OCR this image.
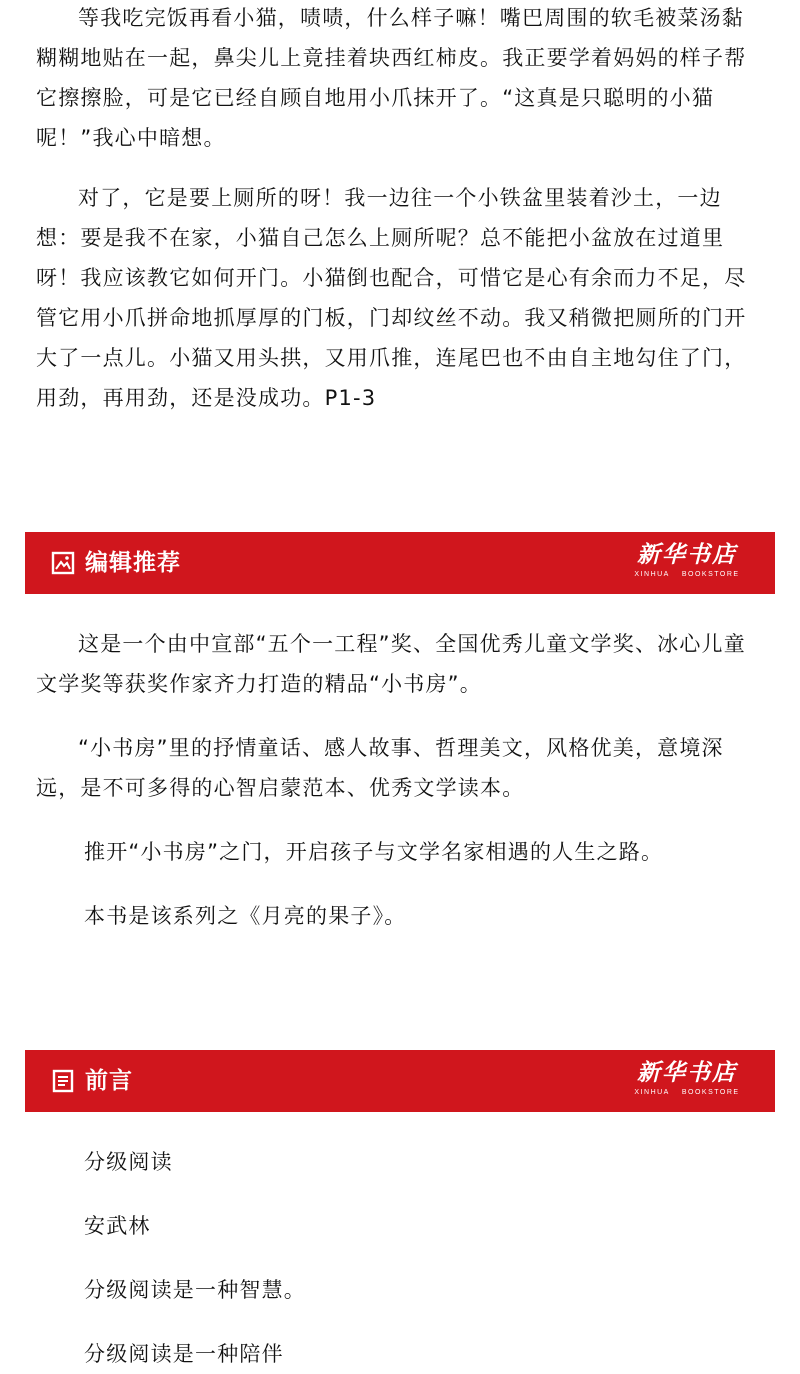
等我吃完饭再看小猫，啧啧，什么样子嘛！嘴巴周围的软毛被菜汤黏糊糊地贴在一起，鼻尖儿上竟挂着块西红柿皮。我正要学着妈妈的样子帮它擦擦脸，可是它已经自顾自地用小爪抹开了。“这真是只聪明的小猫呢！”我心中暗想。

对了，它是要上厕所的呀！我一边往一个小铁盆里装着沙土，一边想：要是我不在家，小猫自己怎么上厕所呢？总不能把小盆放在过道里呀！我应该教它如何开门。小猫倒也配合，可惜它是心有余而力不足，尽管它用小爪拼命地抓厚厚的门板，门却纹丝不动。我又稍微把厕所的门开大了一点儿。小猫又用头拱，又用爪推，连尾巴也不由自主地勾住了门，用劲，再用劲，还是没成功。P1-3

编辑推荐	新华书店
XINHUA BOOKSTORE

这是一个由中宣部“五个一工程”奖、全国优秀儿童文学奖、冰心儿童文学奖等获奖作家齐力打造的精品“小书房”。

“小书房”里的抒情童话、感人故事、哲理美文，风格优美，意境深远，是不可多得的心智启蒙范本、优秀文学读本。

推开“小书房”之门，开启孩子与文学名家相遇的人生之路。

本书是该系列之《月亮的果子》。

前言	新华书店
XINHUA BOOKSTORE

分级阅读

安武林

分级阅读是一种智慧。

分级阅读是一种陪伴
